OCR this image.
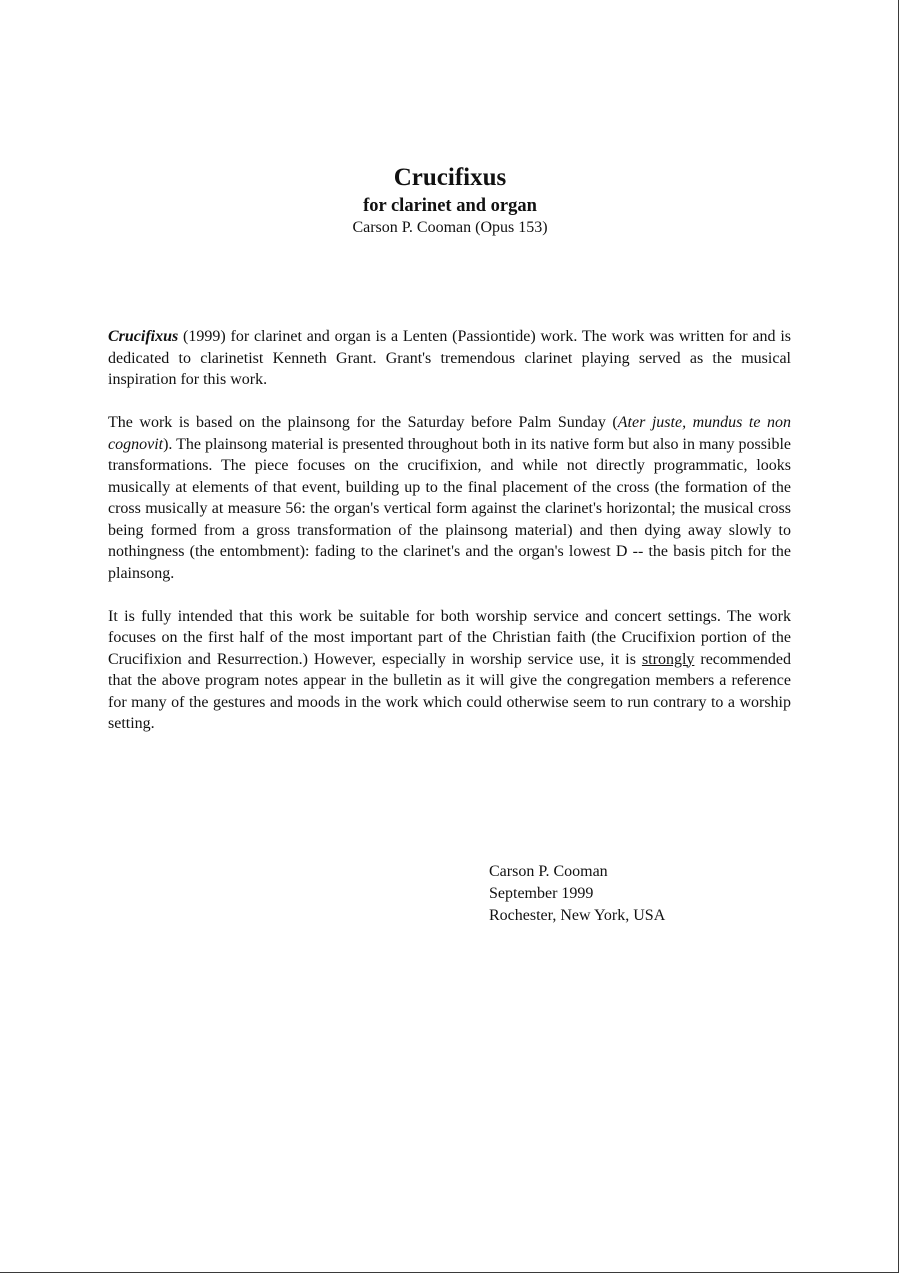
Crucifixus
for clarinet and organ
Carson P. Cooman (Opus 153)

Crucifixus (1999) for clarinet and organ is a Lenten (Passiontide) work. The work was written for and is dedicated to clarinetist Kenneth Grant. Grant's tremendous clarinet playing served as the musical inspiration for this work.

The work is based on the plainsong for the Saturday before Palm Sunday (Ater juste, mundus te non cognovit). The plainsong material is presented throughout both in its native form but also in many possible transformations. The piece focuses on the crucifixion, and while not directly programmatic, looks musically at elements of that event, building up to the final placement of the cross (the formation of the cross musically at measure 56: the organ's vertical form against the clarinet's horizontal; the musical cross being formed from a gross transformation of the plainsong material) and then dying away slowly to nothingness (the entombment): fading to the clarinet's and the organ's lowest D -- the basis pitch for the plainsong.

It is fully intended that this work be suitable for both worship service and concert settings. The work focuses on the first half of the most important part of the Christian faith (the Crucifixion portion of the Crucifixion and Resurrection.) However, especially in worship service use, it is strongly recommended that the above program notes appear in the bulletin as it will give the congregation members a reference for many of the gestures and moods in the work which could otherwise seem to run contrary to a worship setting.

Carson P. Cooman
September 1999
Rochester, New York, USA
